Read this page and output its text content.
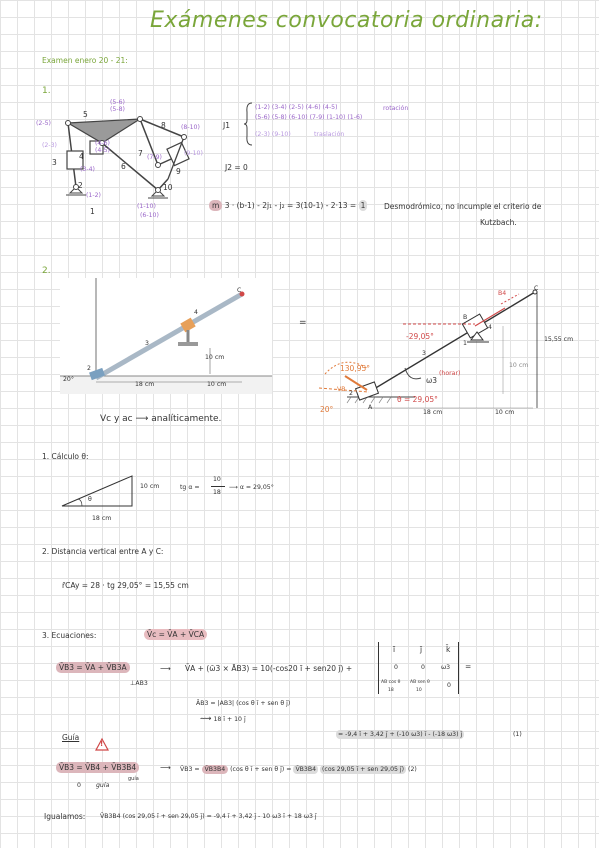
Exámenes convocatoria ordinaria:
Examen enero 20 - 21:
1.
5
8
3
4
6
7
9
10
1
2
(5-6)
(5-8)
(2-5)
(2-3)	(4-6)
(4-5)
(3-4)
(7-9)
(8-10)
(9-10)
(1-2)
(1-10)
(6-10)
J1
(1-2) (3-4) (2-5) (4-6) (4-5)
(5-6) (5-8) (6-10) (7-9) (1-10) (1-6)
rotación
(2-3) (9-10)	traslación
J2 = 0
m 3 · (b-1) - 2j₁ - j₂ = 3(10-1) - 2·13 = 1 Desmodrómico, no incumple el criterio de
Kutzbach.
2.
C
4
3
2
20°
10 cm
18 cm	10 cm
=
C
B4
B
4
1
3
2
A
VB
-29,05°
130,95°
ω3
(horar)
θ = 29,05°
20°
15,55 cm
10 cm
18 cm	10 cm
Vc y ac ⟶ analíticamente.
1. Cálculo θ:
10 cm
18 cm
θ
tg α =
10
18
⟶ α = 29,05°
2. Distancia vertical entre A y C:
r̄CAy = 28 · tg 29,05° = 15,55 cm
3. Ecuaciones:	V̄c = V̄A + V̄CA
V̄B3 = V̄A + V̄B3A
⊥AB3
⟶ V̄A + (ω̄3 × ĀB3) = 10(-cos20 ī + sen20 j̄) +
ī	j̄	k̄
0	0	ω3
AB cos θ AB sen θ	0
18	10
=
ĀB3 = |AB3| (cos θ ī + sen θ j̄)
⟿ 18 ī + 10 j̄
= -9,4 ī + 3,42 j̄ + (-10 ω3) ī - (-18 ω3) j̄	(1)
Guía
!
V̄B3 = V̄B4 + V̄B3B4
guía
0 guía
⟶ V̄B3 = V̄B3B4 (cos θ ī + sen θ j̄) = V̄B3B4 (cos 29,05 ī + sen 29,05 j̄) (2)
Igualamos: V̄B3B4 (cos 29,05 ī + sen 29,05 j̄) = -9,4 ī + 3,42 j̄ - 10 ω3 ī + 18 ω3 j̄
